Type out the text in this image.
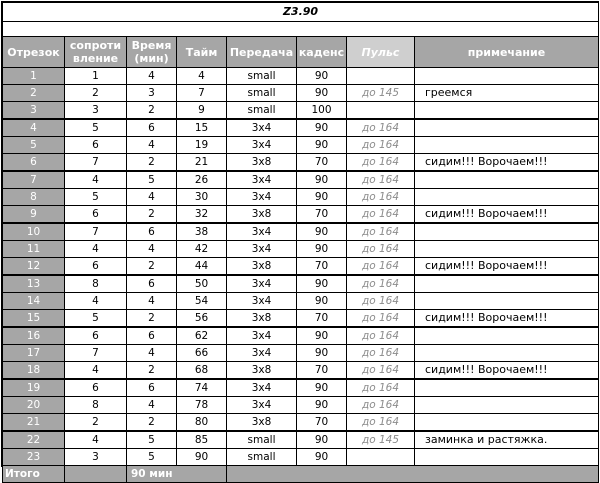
Z3.90							

Отрезок	сопроти вление	Время (мин)	Тайм	Передача	каденс	Пульс	примечание
1	1	4	4	small	90		
2	2	3	7	small	90	до 145	греемся
3	3	2	9	small	100		
4	5	6	15	3x4	90	до 164	
5	6	4	19	3x4	90	до 164	
6	7	2	21	3x8	70	до 164	сидим!!! Ворочаем!!!
7	4	5	26	3x4	90	до 164	
8	5	4	30	3x4	90	до 164	
9	6	2	32	3x8	70	до 164	сидим!!! Ворочаем!!!
10	7	6	38	3x4	90	до 164	
11	4	4	42	3x4	90	до 164	
12	6	2	44	3x8	70	до 164	сидим!!! Ворочаем!!!
13	8	6	50	3x4	90	до 164	
14	4	4	54	3x4	90	до 164	
15	5	2	56	3x8	70	до 164	сидим!!! Ворочаем!!!
16	6	6	62	3x4	90	до 164	
17	7	4	66	3x4	90	до 164	
18	4	2	68	3x8	70	до 164	сидим!!! Ворочаем!!!
19	6	6	74	3x4	90	до 164	
20	8	4	78	3x4	90	до 164	
21	2	2	80	3x8	70	до 164	
22	4	5	85	small	90	до 145	заминка и растяжка.
23	3	5	90	small	90		
Итого		90 мин					
